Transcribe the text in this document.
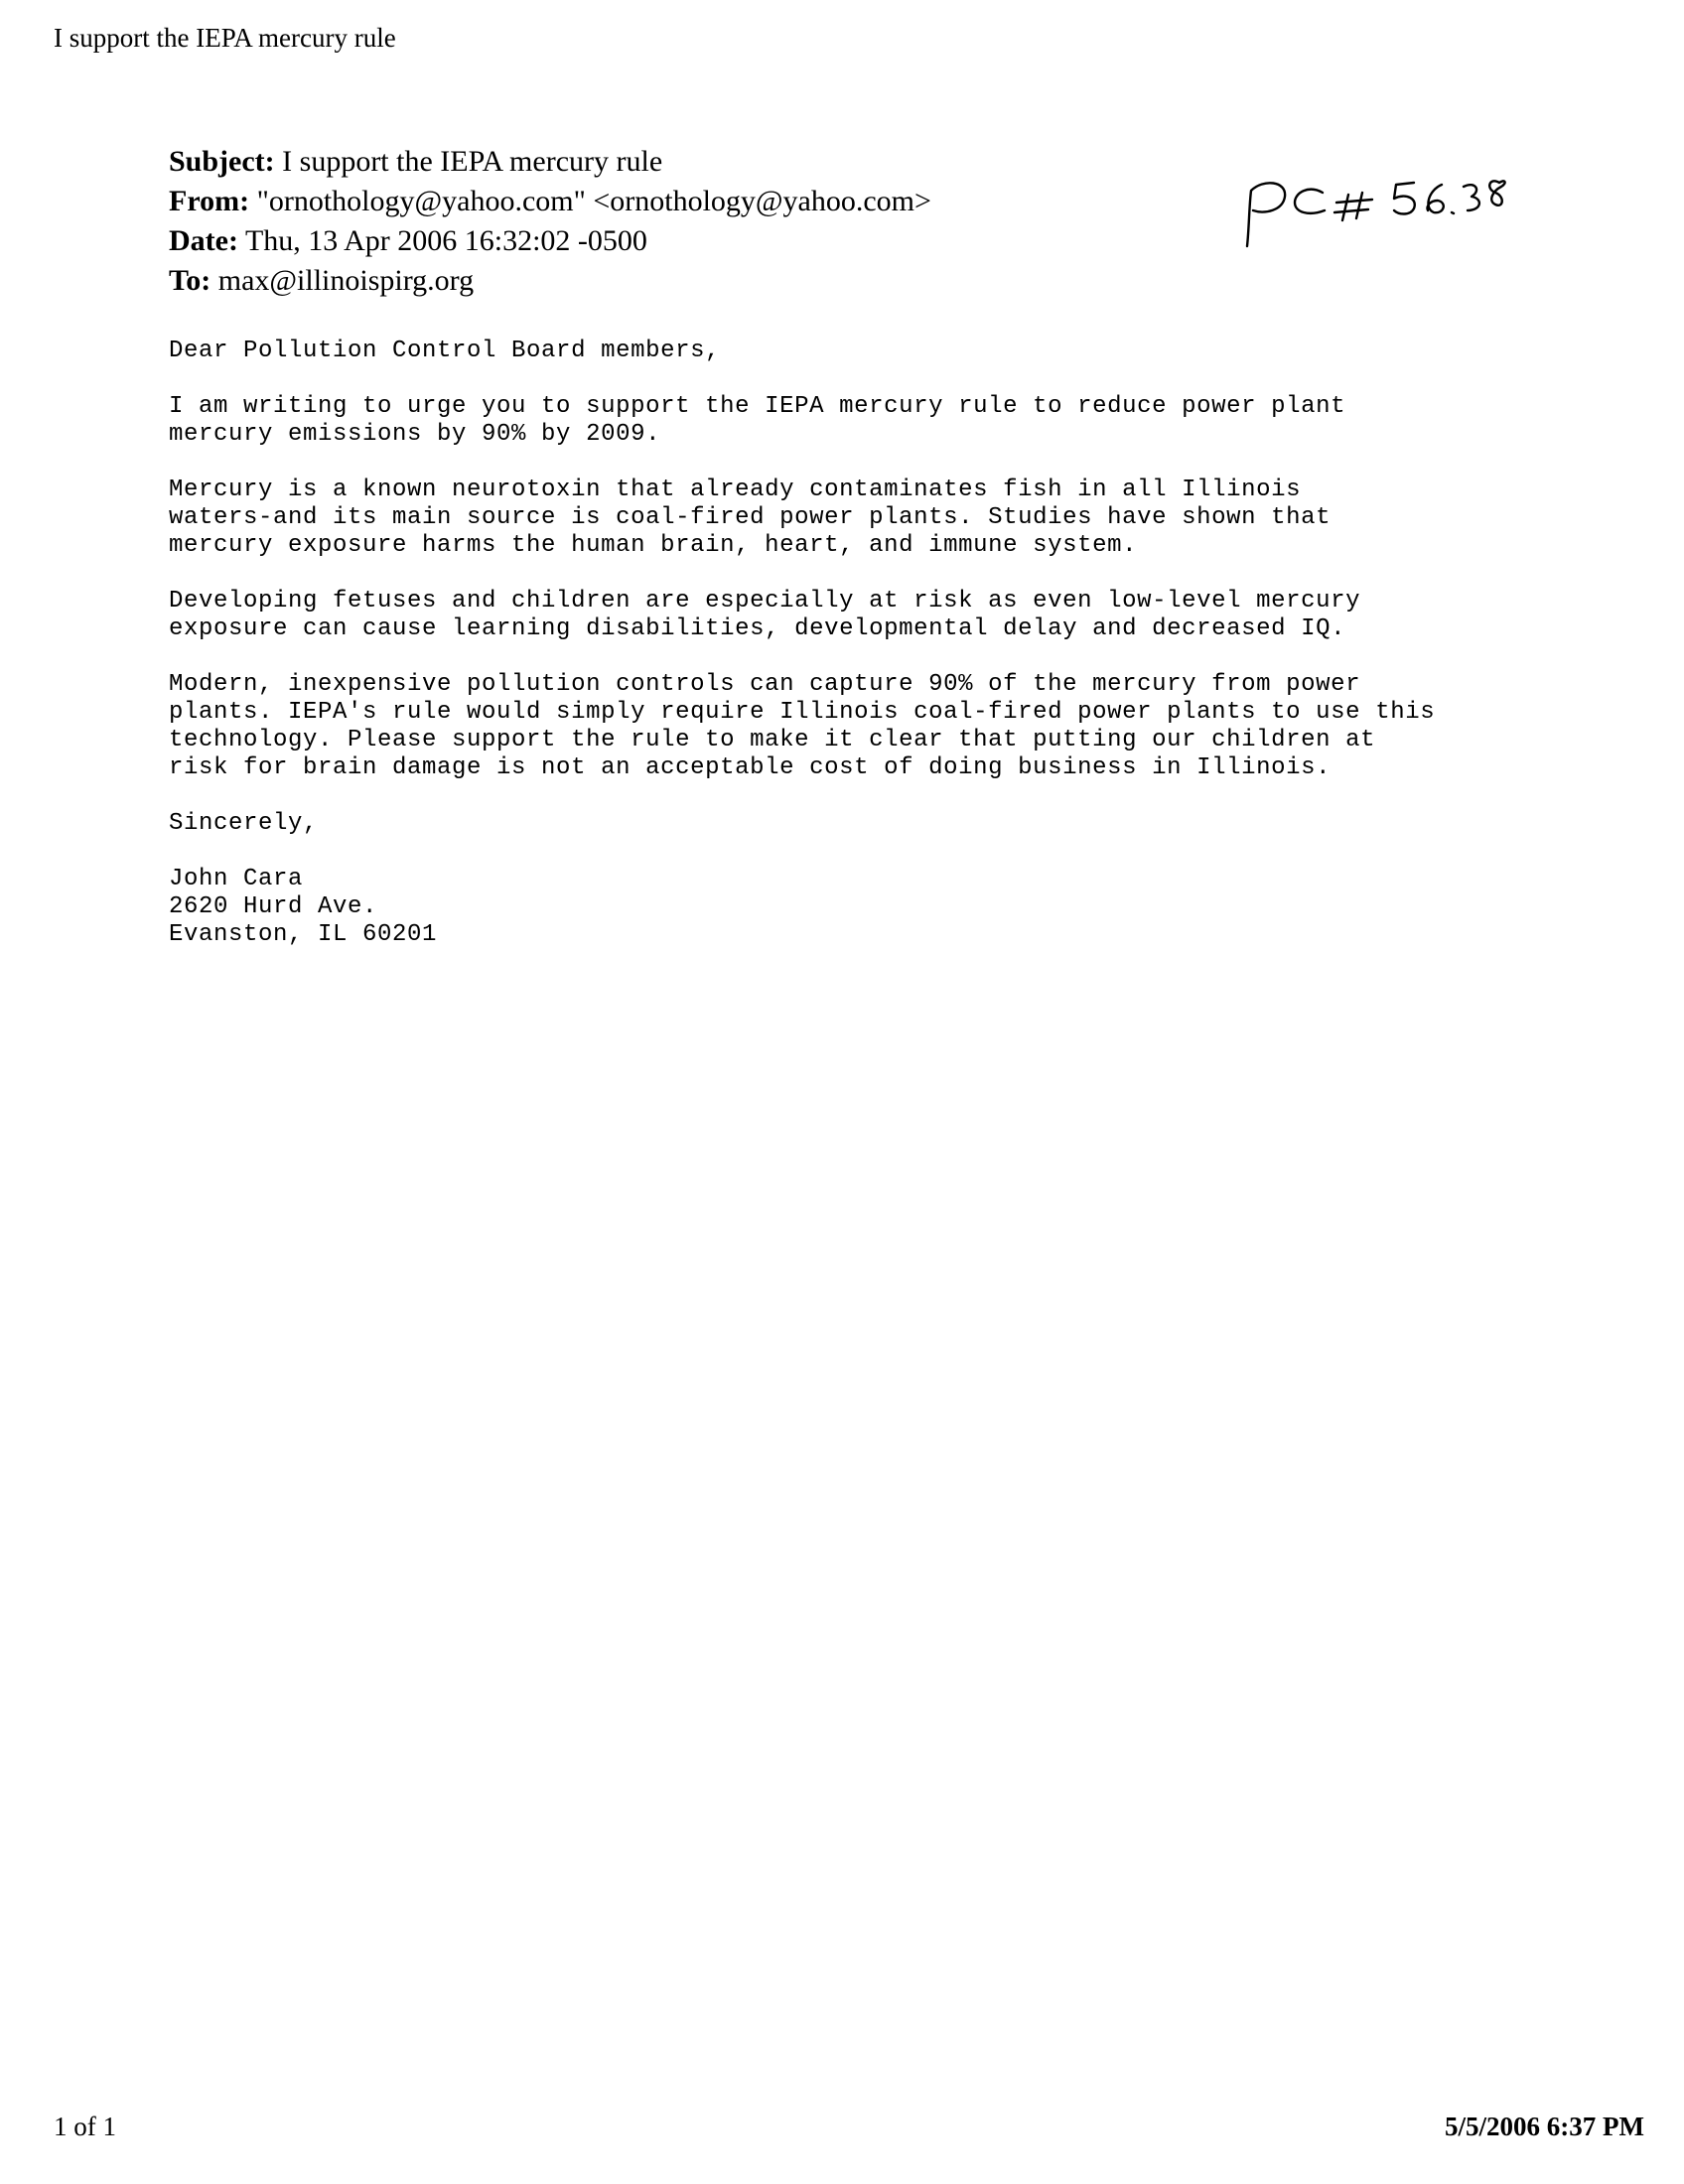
I support the IEPA mercury rule
Subject: I support the IEPA mercury rule
From: "ornothology@yahoo.com" <ornothology@yahoo.com>
Date: Thu, 13 Apr 2006 16:32:02 -0500
To: max@illinoispirg.org

Dear Pollution Control Board members,

I am writing to urge you to support the IEPA mercury rule to reduce power plant
mercury emissions by 90% by 2009.

Mercury is a known neurotoxin that already contaminates fish in all Illinois
waters-and its main source is coal-fired power plants. Studies have shown that
mercury exposure harms the human brain, heart, and immune system.

Developing fetuses and children are especially at risk as even low-level mercury
exposure can cause learning disabilities, developmental delay and decreased IQ.

Modern, inexpensive pollution controls can capture 90% of the mercury from power
plants. IEPA's rule would simply require Illinois coal-fired power plants to use this
technology. Please support the rule to make it clear that putting our children at
risk for brain damage is not an acceptable cost of doing business in Illinois.

Sincerely,

John Cara
2620 Hurd Ave.
Evanston, IL 60201
1 of 1	5/5/2006 6:37 PM
